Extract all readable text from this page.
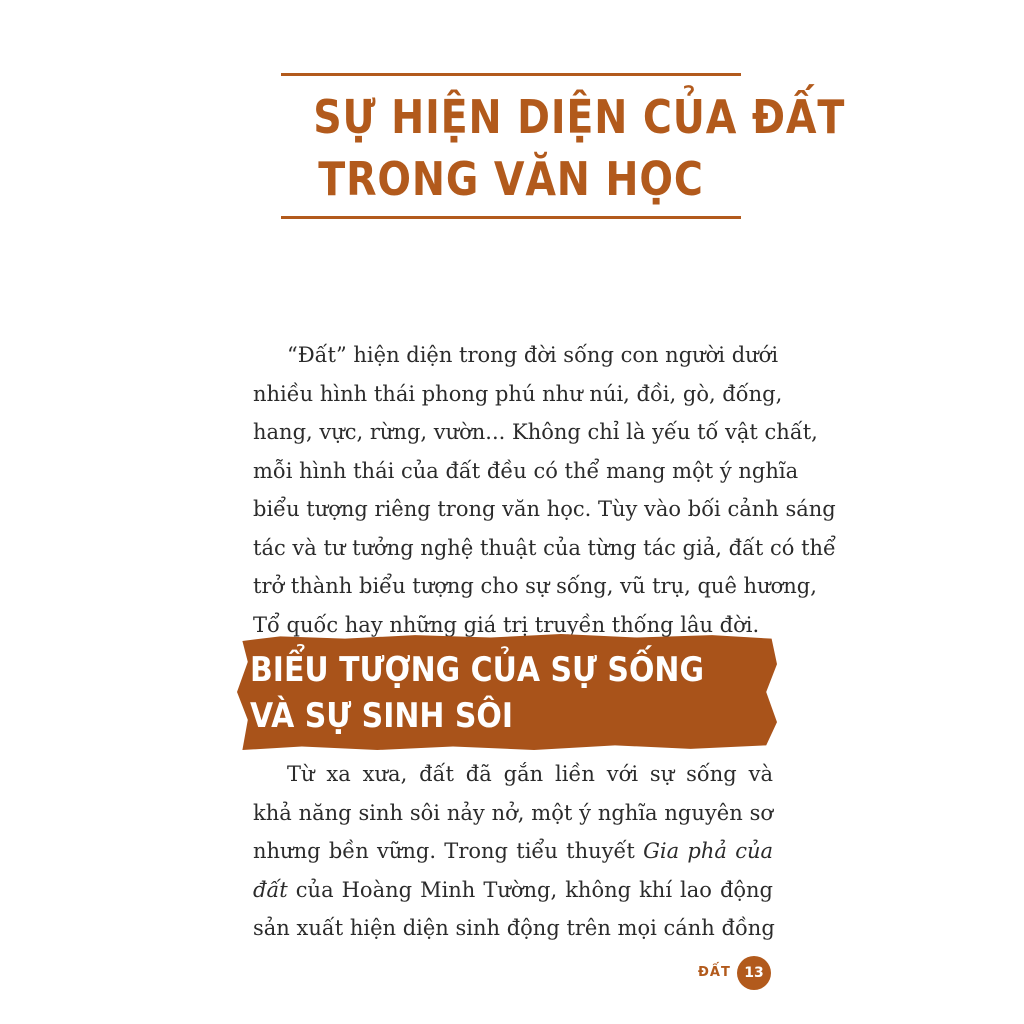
SỰ HIỆN DIỆN CỦA ĐẤT
TRONG VĂN HỌC
“Đất” hiện diện trong đời sống con người dưới
nhiều hình thái phong phú như núi, đồi, gò, đống,
hang, vực, rừng, vườn... Không chỉ là yếu tố vật chất,
mỗi hình thái của đất đều có thể mang một ý nghĩa
biểu tượng riêng trong văn học. Tùy vào bối cảnh sáng
tác và tư tưởng nghệ thuật của từng tác giả, đất có thể
trở thành biểu tượng cho sự sống, vũ trụ, quê hương,
Tổ quốc hay những giá trị truyền thống lâu đời.
BIỂU TƯỢNG CỦA SỰ SỐNG
VÀ SỰ SINH SÔI
Từ xa xưa, đất đã gắn liền với sự sống và
khả năng sinh sôi nảy nở, một ý nghĩa nguyên sơ
nhưng bền vững. Trong tiểu thuyết Gia phả của
đất của Hoàng Minh Tường, không khí lao động
sản xuất hiện diện sinh động trên mọi cánh đồng
ĐẤT 13
